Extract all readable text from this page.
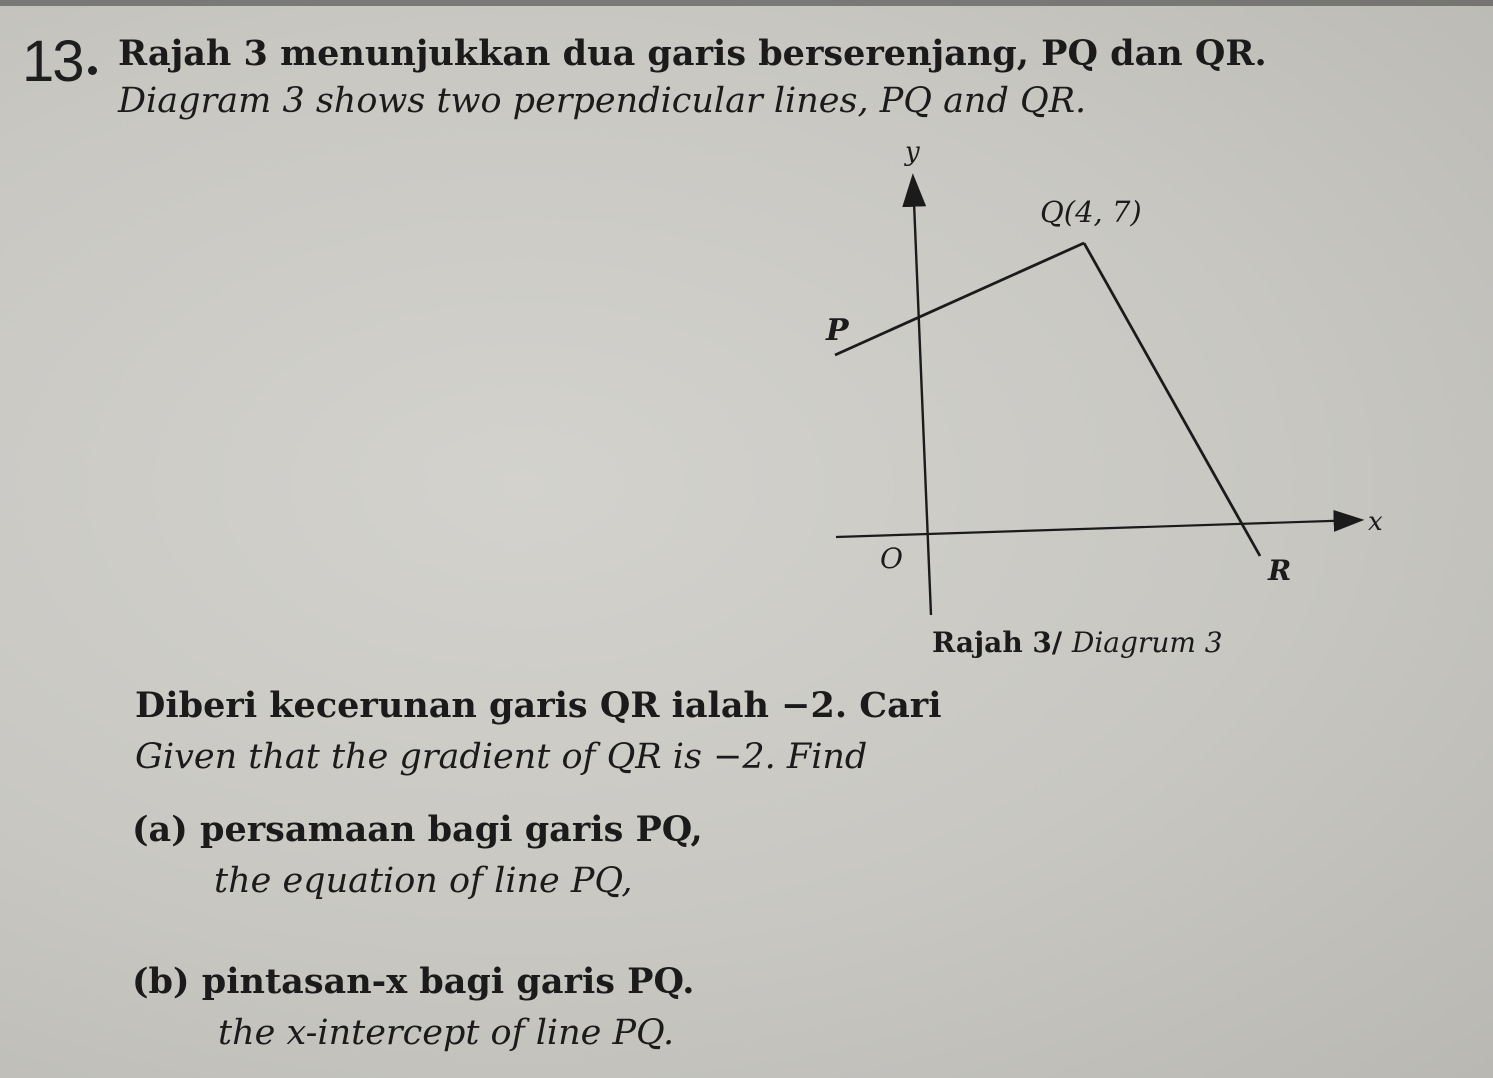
13 Rajah 3 menunjukkan dua garis berserenjang, PQ dan QR.
Diagram 3 shows two perpendicular lines, PQ and QR.
y
x
O
P
Q(4, 7)
R
Rajah 3/ Diagrum 3
Diberi kecerunan garis QR ialah −2. Cari
Given that the gradient of QR is −2. Find
(a) persamaan bagi garis PQ,
the equation of line PQ,
(b) pintasan-x bagi garis PQ.
the x-intercept of line PQ.
